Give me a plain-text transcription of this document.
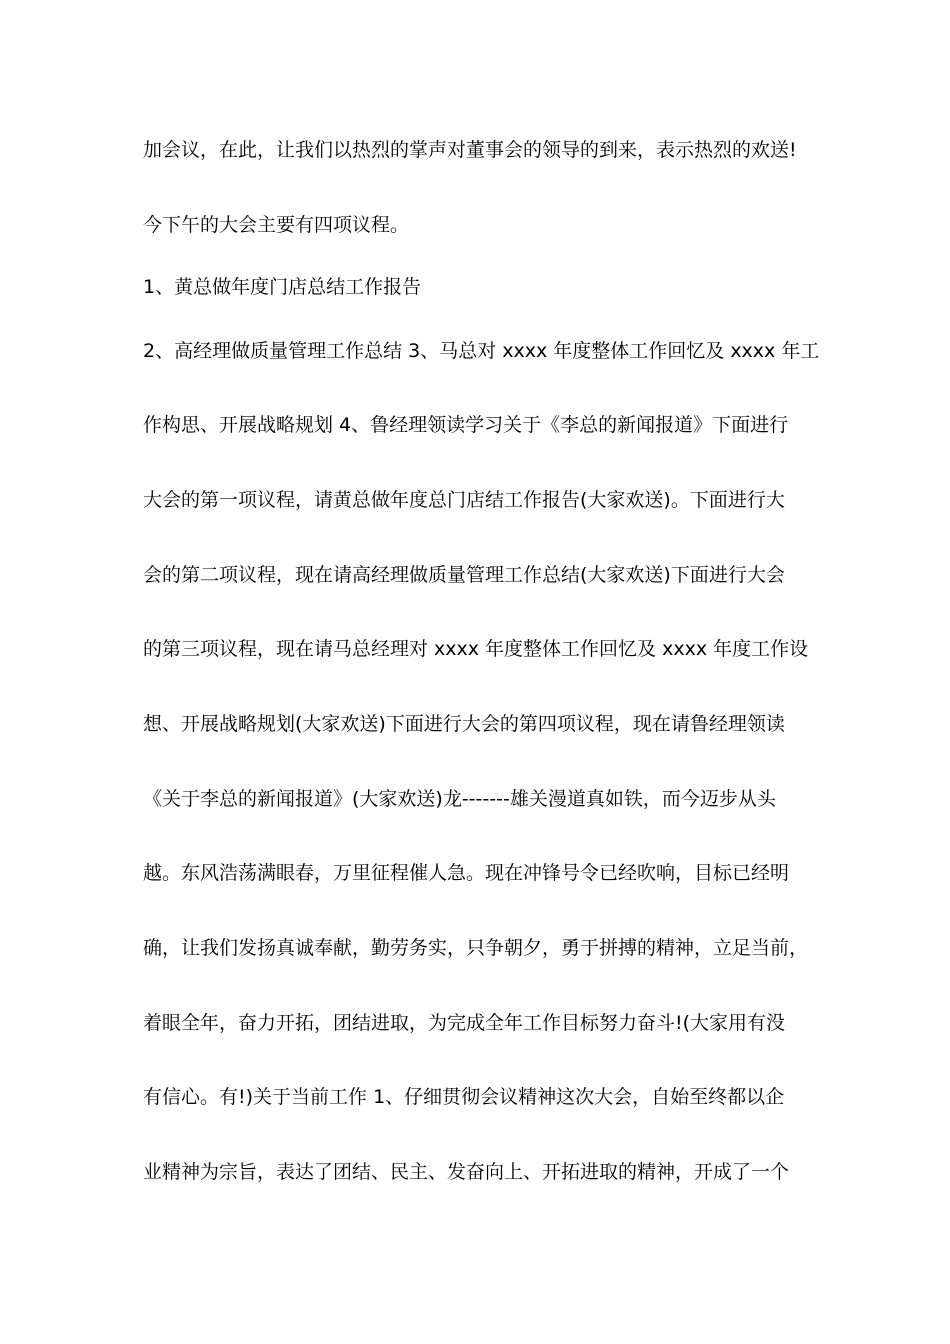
加会议，在此，让我们以热烈的掌声对董事会的领导的到来，表示热烈的欢送!

今下午的大会主要有四项议程。

1、黄总做年度门店总结工作报告

2、高经理做质量管理工作总结 3、马总对 xxxx 年度整体工作回忆及 xxxx 年工

作构思、开展战略规划 4、鲁经理领读学习关于《李总的新闻报道》下面进行

大会的第一项议程，请黄总做年度总门店结工作报告(大家欢送)。下面进行大

会的第二项议程，现在请高经理做质量管理工作总结(大家欢送)下面进行大会

的第三项议程，现在请马总经理对 xxxx 年度整体工作回忆及 xxxx 年度工作设

想、开展战略规划(大家欢送)下面进行大会的第四项议程，现在请鲁经理领读

《关于李总的新闻报道》(大家欢送)龙-------雄关漫道真如铁，而今迈步从头

越。东风浩荡满眼春，万里征程催人急。现在冲锋号令已经吹响，目标已经明

确，让我们发扬真诚奉献，勤劳务实，只争朝夕，勇于拼搏的精神，立足当前，

着眼全年，奋力开拓，团结进取，为完成全年工作目标努力奋斗!(大家用有没

有信心。有!)关于当前工作 1、仔细贯彻会议精神这次大会，自始至终都以企

业精神为宗旨，表达了团结、民主、发奋向上、开拓进取的精神，开成了一个
